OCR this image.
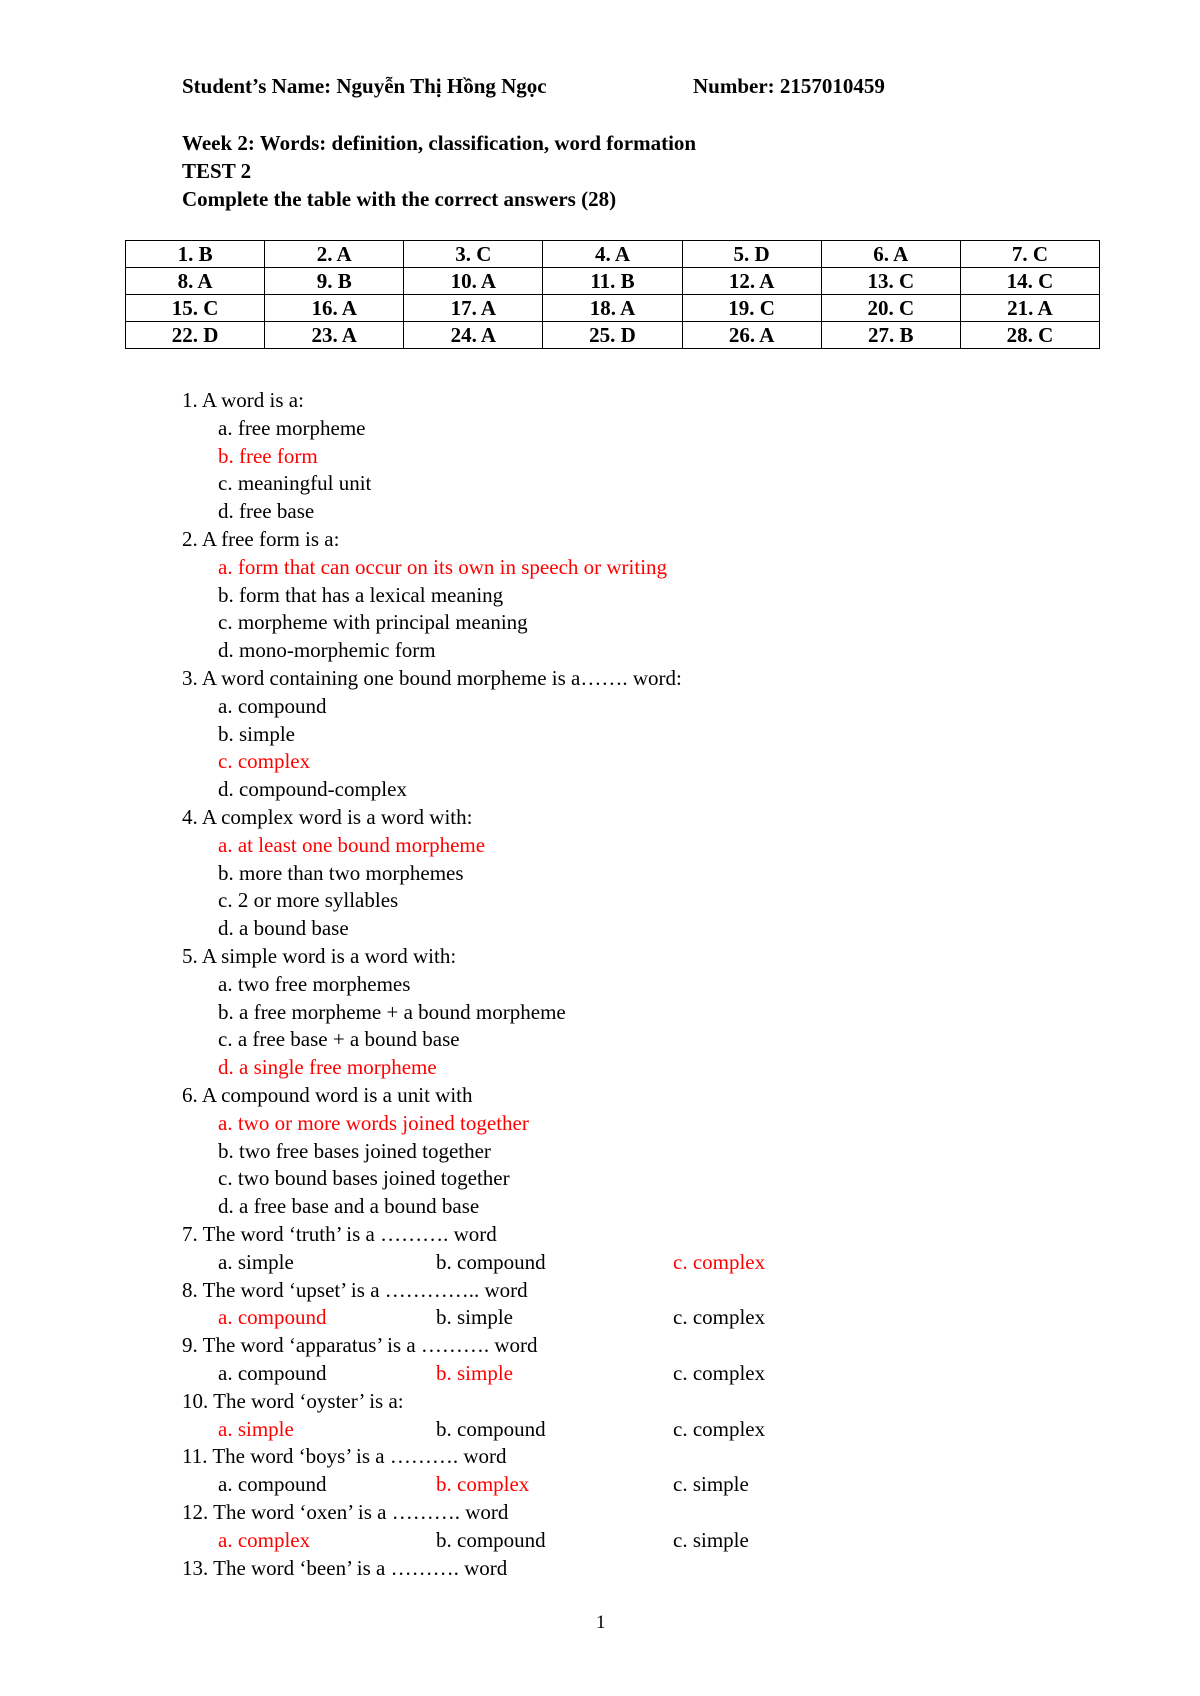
Student’s Name: Nguyễn Thị Hồng Ngọc	Number: 2157010459
Week 2: Words: definition, classification, word formation
TEST 2
Complete the table with the correct answers (28)
1. B	2. A	3. C	4. A	5. D	6. A	7. C
8. A	9. B	10. A	11. B	12. A	13. C	14. C
15. C	16. A	17. A	18. A	19. C	20. C	21. A
22. D	23. A	24. A	25. D	26. A	27. B	28. C
1. A word is a:
a. free morpheme
b. free form
c. meaningful unit
d. free base
2. A free form is a:
a. form that can occur on its own in speech or writing
b. form that has a lexical meaning
c. morpheme with principal meaning
d. mono-morphemic form
3. A word containing one bound morpheme is a……. word:
a. compound
b. simple
c. complex
d. compound-complex
4. A complex word is a word with:
a. at least one bound morpheme
b. more than two morphemes
c. 2 or more syllables
d. a bound base
5. A simple word is a word with:
a. two free morphemes
b. a free morpheme + a bound morpheme
c. a free base + a bound base
d. a single free morpheme
6. A compound word is a unit with
a. two or more words joined together
b. two free bases joined together
c. two bound bases joined together
d. a free base and a bound base
7. The word ‘truth’ is a ………. word
a. simple	b. compound	c. complex
8. The word ‘upset’ is a ………….. word
a. compound	b. simple	c. complex
9. The word ‘apparatus’ is a ………. word
a. compound	b. simple	c. complex
10. The word ‘oyster’ is a:
a. simple	b. compound	c. complex
11. The word ‘boys’ is a ………. word
a. compound	b. complex	c. simple
12. The word ‘oxen’ is a ………. word
a. complex	b. compound	c. simple
13. The word ‘been’ is a ………. word
1
